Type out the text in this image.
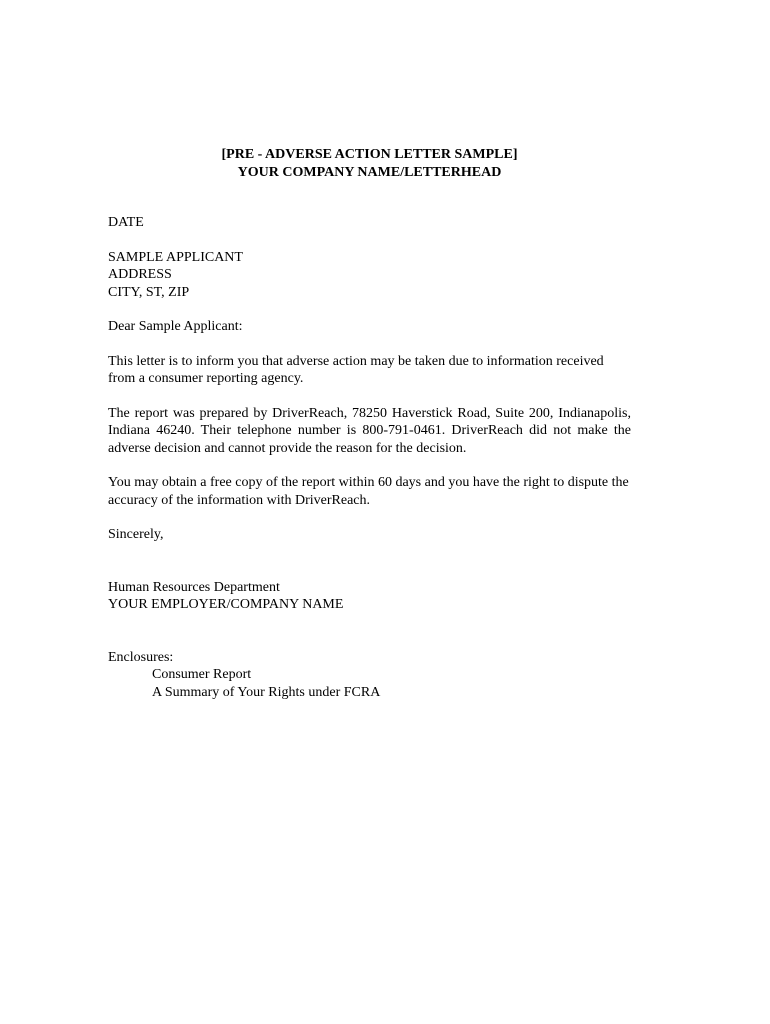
[PRE - ADVERSE ACTION LETTER SAMPLE]
YOUR COMPANY NAME/LETTERHEAD
DATE
SAMPLE APPLICANT
ADDRESS
CITY, ST, ZIP
Dear Sample Applicant:
This letter is to inform you that adverse action may be taken due to information received from a consumer reporting agency.
The report was prepared by DriverReach, 78250 Haverstick Road, Suite 200, Indianapolis, Indiana 46240. Their telephone number is 800-791-0461. DriverReach did not make the adverse decision and cannot provide the reason for the decision.
You may obtain a free copy of the report within 60 days and you have the right to dispute the accuracy of the information with DriverReach.
Sincerely,
Human Resources Department
YOUR EMPLOYER/COMPANY NAME
Enclosures:
Consumer Report
A Summary of Your Rights under FCRA
